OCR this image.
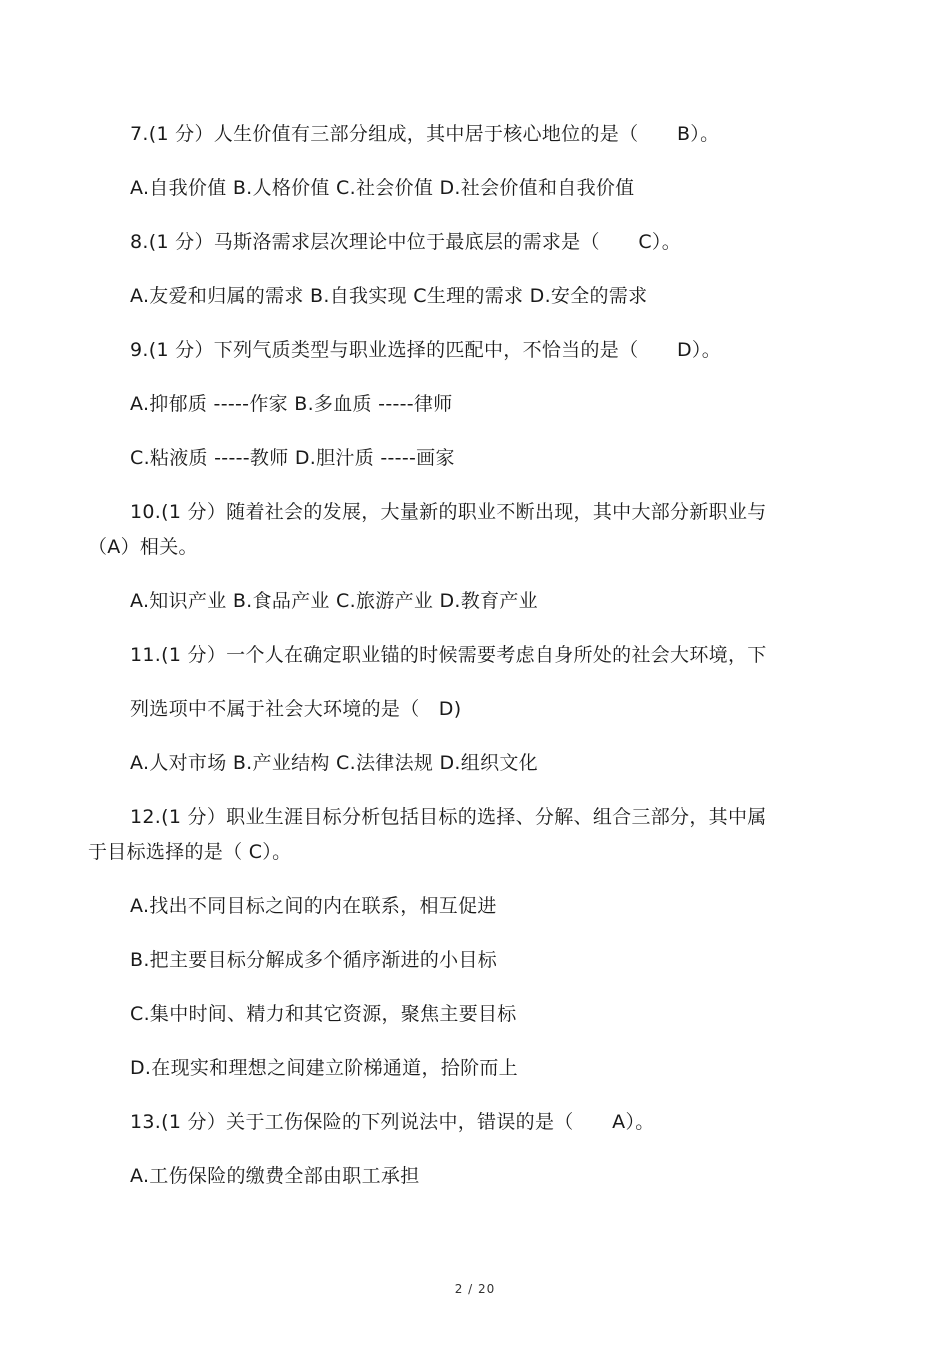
7.(1 分）人生价值有三部分组成，其中居于核心地位的是（　　B）。
A.自我价值 B.人格价值 C.社会价值 D.社会价值和自我价值
8.(1 分）马斯洛需求层次理论中位于最底层的需求是（　　C）。
A.友爱和归属的需求 B.自我实现 C生理的需求 D.安全的需求
9.(1 分）下列气质类型与职业选择的匹配中，不恰当的是（　　D）。
A.抑郁质 -----作家 B.多血质 -----律师
C.粘液质 -----教师 D.胆汁质 -----画家
10.(1 分）随着社会的发展，大量新的职业不断出现，其中大部分新职业与
（A）相关。
A.知识产业 B.食品产业 C.旅游产业 D.教育产业
11.(1 分）一个人在确定职业锚的时候需要考虑自身所处的社会大环境，下
列选项中不属于社会大环境的是（　D)
A.人对市场 B.产业结构 C.法律法规 D.组织文化
12.(1 分）职业生涯目标分析包括目标的选择、分解、组合三部分，其中属
于目标选择的是（ C）。
A.找出不同目标之间的内在联系，相互促进
B.把主要目标分解成多个循序渐进的小目标
C.集中时间、精力和其它资源，聚焦主要目标
D.在现实和理想之间建立阶梯通道，拾阶而上
13.(1 分）关于工伤保险的下列说法中，错误的是（　　A）。
A.工伤保险的缴费全部由职工承担
2 / 20
